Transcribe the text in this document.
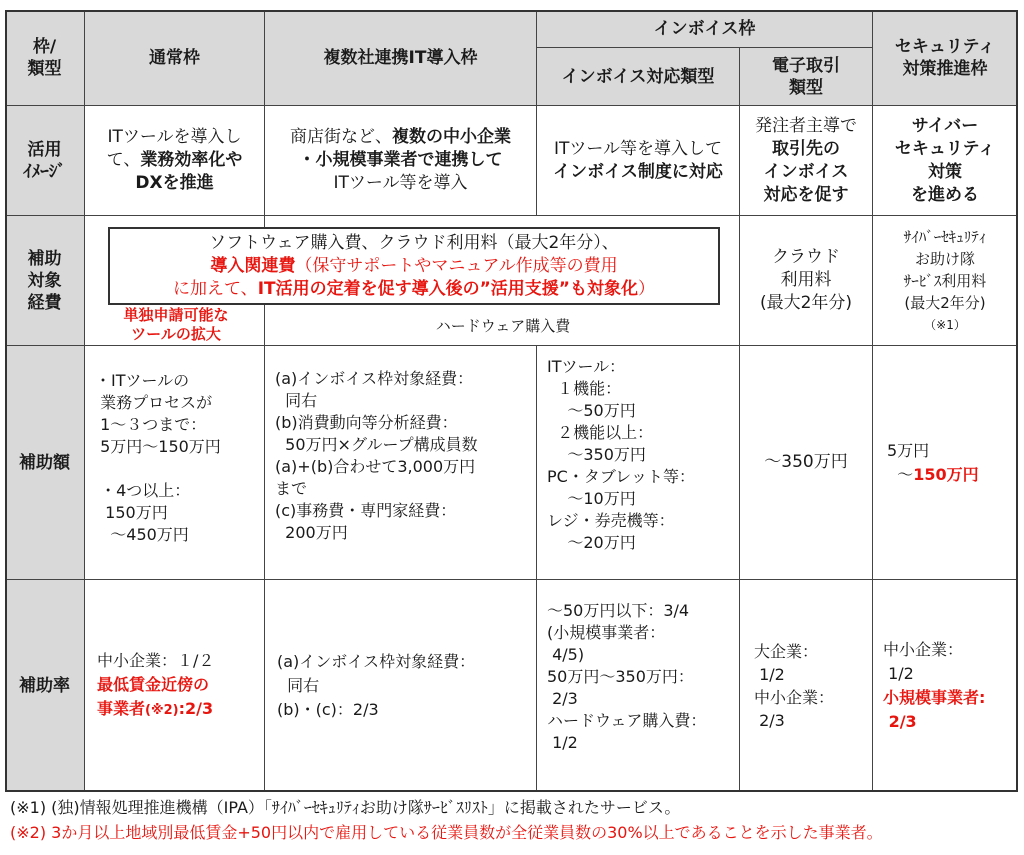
枠/
類型
通常枠	複数社連携IT導入枠
インボイス枠
インボイス対応類型
電子取引
類型
セキュリティ
対策推進枠
活用
ｲﾒｰｼﾞ
ITツールを導入し
て、業務効率化や
DXを推進
商店街など、複数の中小企業
・小規模事業者で連携して
ITツール等を導入
ITツール等を導入して
インボイス制度に対応
発注者主導で
取引先の
インボイス
対応を促す
サイバー
セキュリティ
対策
を進める
補助
対象
経費
クラウド
利用料
(最大2年分)
ｻｲﾊﾞｰｾｷｭﾘﾃｨ
お助け隊
ｻｰﾋﾞｽ利用料
(最大2年分)
（※1）
補助額
・ITツールの
業務プロセスが
1～３つまで：
5万円～150万円

・4つ以上：
150万円
～450万円
(a)インボイス枠対象経費：
同右
(b)消費動向等分析経費：
50万円×グループ構成員数
(a)+(b)合わせて3,000万円
まで
(c)事務費・専門家経費：
200万円
ITツール：
１機能：
～50万円
２機能以上：
～350万円
PC・タブレット等：
～10万円
レジ・券売機等：
～20万円
～350万円
5万円
～150万円
補助率
中小企業：１/２
最低賃金近傍の
事業者(※2):2/3
(a)インボイス枠対象経費：
同右
(b)・(c)：2/3
～50万円以下：3/4
(小規模事業者：
4/5)
50万円～350万円：
2/3
ハードウェア購入費：
1/2
大企業：
1/2
中小企業：
2/3
中小企業：
1/2
小規模事業者:
2/3
ソフトウェア購入費、クラウド利用料（最大2年分）、
導入関連費（保守サポートやマニュアル作成等の費用
に加えて、IT活用の定着を促す導入後の”活用支援”も対象化）
単独申請可能な
ツールの拡大	ハードウェア購入費
(※1) (独)情報処理推進機構（IPA）「ｻｲﾊﾞｰｾｷｭﾘﾃｨお助け隊ｻｰﾋﾞｽﾘｽﾄ」に掲載されたサービス。
(※2) 3か月以上地域別最低賃金+50円以内で雇用している従業員数が全従業員数の30%以上であることを示した事業者。
